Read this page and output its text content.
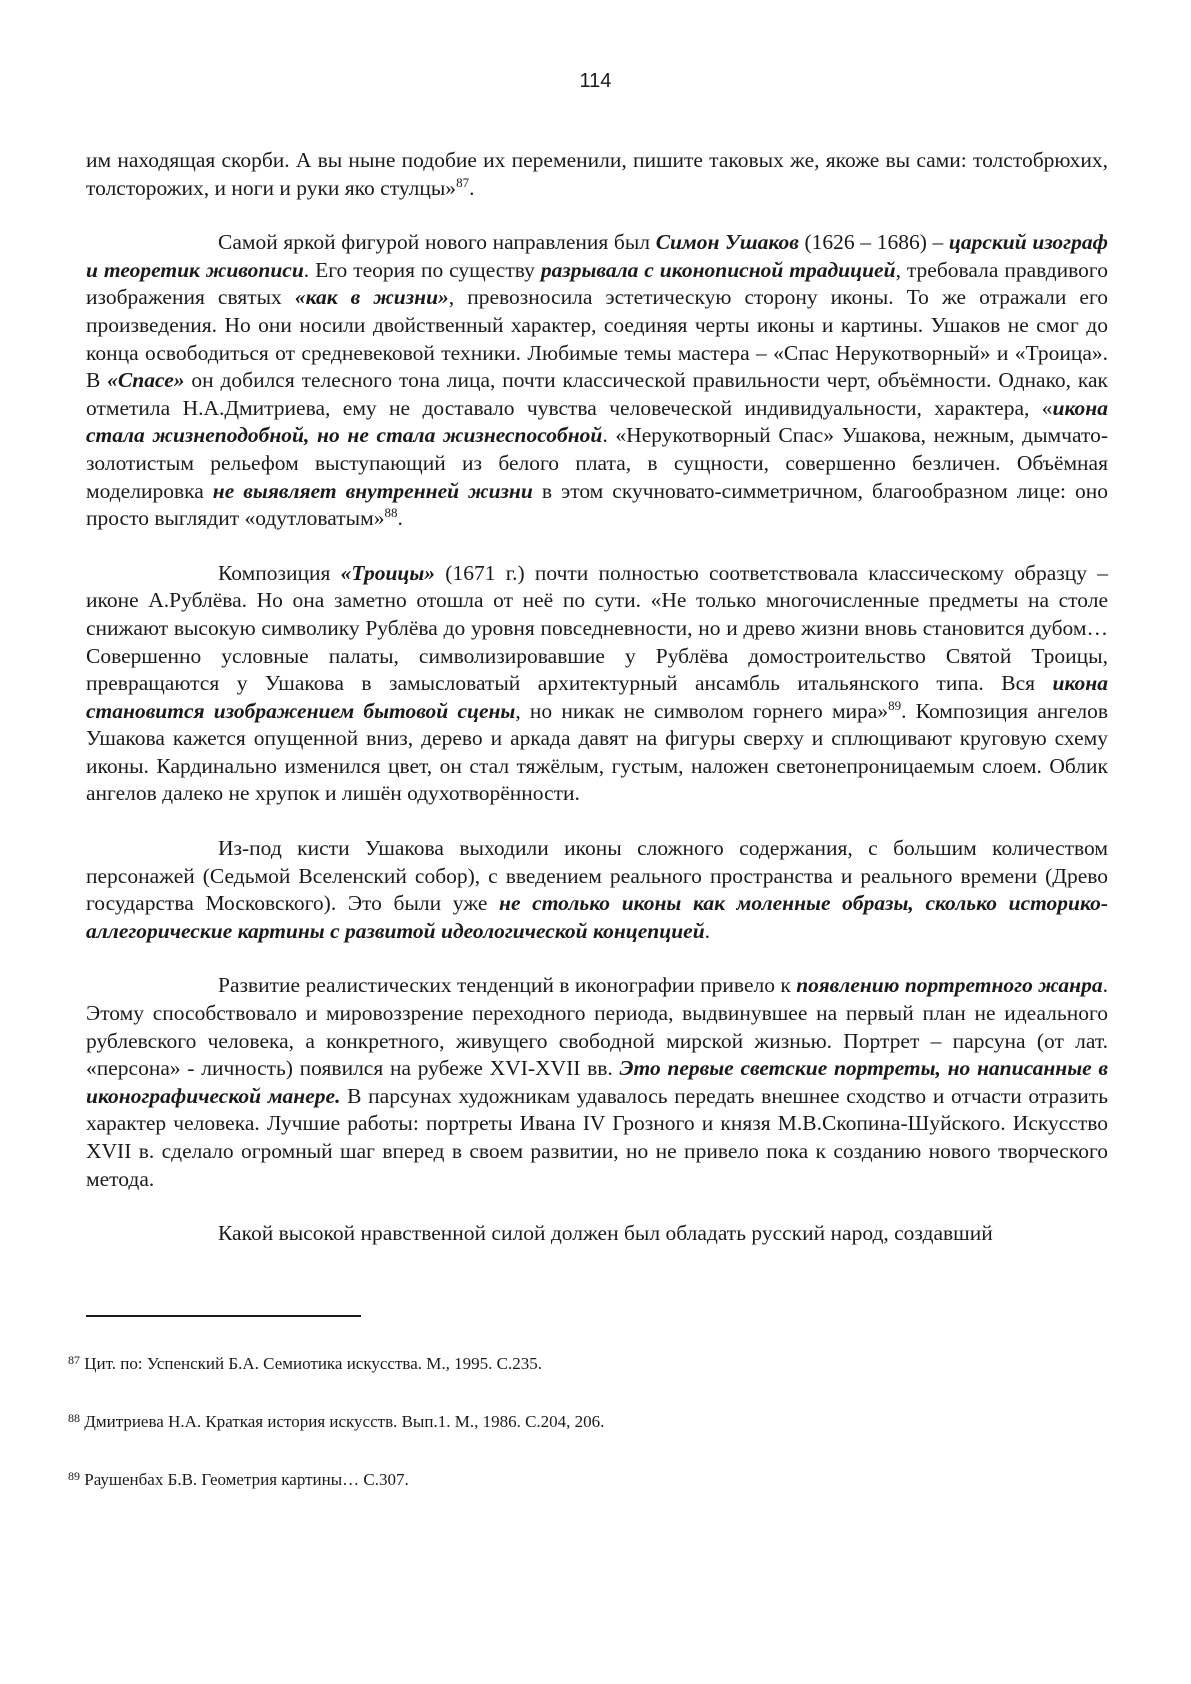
114

им находящая скорби. А вы ныне подобие их переменили, пишите таковых же, якоже вы сами: толстобрюхих, толсторожих, и ноги и руки яко стулцы»$^{87}$.

Самой яркой фигурой нового направления был Симон Ушаков (1626 – 1686) – царский изограф и теоретик живописи. Его теория по существу разрывала с иконописной традицией, требовала правдивого изображения святых «как в жизни», превозносила эстетическую сторону иконы. То же отражали его произведения. Но они носили двойственный характер, соединяя черты иконы и картины. Ушаков не смог до конца освободиться от средневековой техники. Любимые темы мастера – «Спас Нерукотворный» и «Троица». В «Спасе» он добился телесного тона лица, почти классической правильности черт, объёмности. Однако, как отметила Н.А.Дмитриева, ему не доставало чувства человеческой индивидуальности, характера, «икона стала жизнеподобной, но не стала жизнеспособной. «Нерукотворный Спас» Ушакова, нежным, дымчато-золотистым рельефом выступающий из белого плата, в сущности, совершенно безличен. Объёмная моделировка не выявляет внутренней жизни в этом скучновато-симметричном, благообразном лице: оно просто выглядит «одутловатым»$^{88}$.

Композиция «Троицы» (1671 г.) почти полностью соответствовала классическому образцу – иконе А.Рублёва. Но она заметно отошла от неё по сути. «Не только многочисленные предметы на столе снижают высокую символику Рублёва до уровня повседневности, но и древо жизни вновь становится дубом… Совершенно условные палаты, символизировавшие у Рублёва домостроительство Святой Троицы, превращаются у Ушакова в замысловатый архитектурный ансамбль итальянского типа. Вся икона становится изображением бытовой сцены, но никак не символом горнего мира»$^{89}$. Композиция ангелов Ушакова кажется опущенной вниз, дерево и аркада давят на фигуры сверху и сплющивают круговую схему иконы. Кардинально изменился цвет, он стал тяжёлым, густым, наложен светонепроницаемым слоем. Облик ангелов далеко не хрупок и лишён одухотворённости.

Из-под кисти Ушакова выходили иконы сложного содержания, с большим количеством персонажей (Седьмой Вселенский собор), с введением реального пространства и реального времени (Древо государства Московского). Это были уже не столько иконы как моленные образы, сколько историко-аллегорические картины с развитой идеологической концепцией.

Развитие реалистических тенденций в иконографии привело к появлению портретного жанра. Этому способствовало и мировоззрение переходного периода, выдвинувшее на первый план не идеального рублевского человека, а конкретного, живущего свободной мирской жизнью. Портрет – парсуна (от лат. «персона» - личность) появился на рубеже XVI-XVII вв. Это первые светские портреты, но написанные в иконографической манере. В парсунах художникам удавалось передать внешнее сходство и отчасти отразить характер человека. Лучшие работы: портреты Ивана IV Грозного и князя М.В.Скопина-Шуйского. Искусство XVII в. сделало огромный шаг вперед в своем развитии, но не привело пока к созданию нового творческого метода.

Какой высокой нравственной силой должен был обладать русский народ, создавший

$^{87}$ Цит. по: Успенский Б.А. Семиотика искусства. М., 1995. С.235.
$^{88}$ Дмитриева Н.А. Краткая история искусств. Вып.1. М., 1986. С.204, 206.
$^{89}$ Раушенбах Б.В. Геометрия картины… С.307.
